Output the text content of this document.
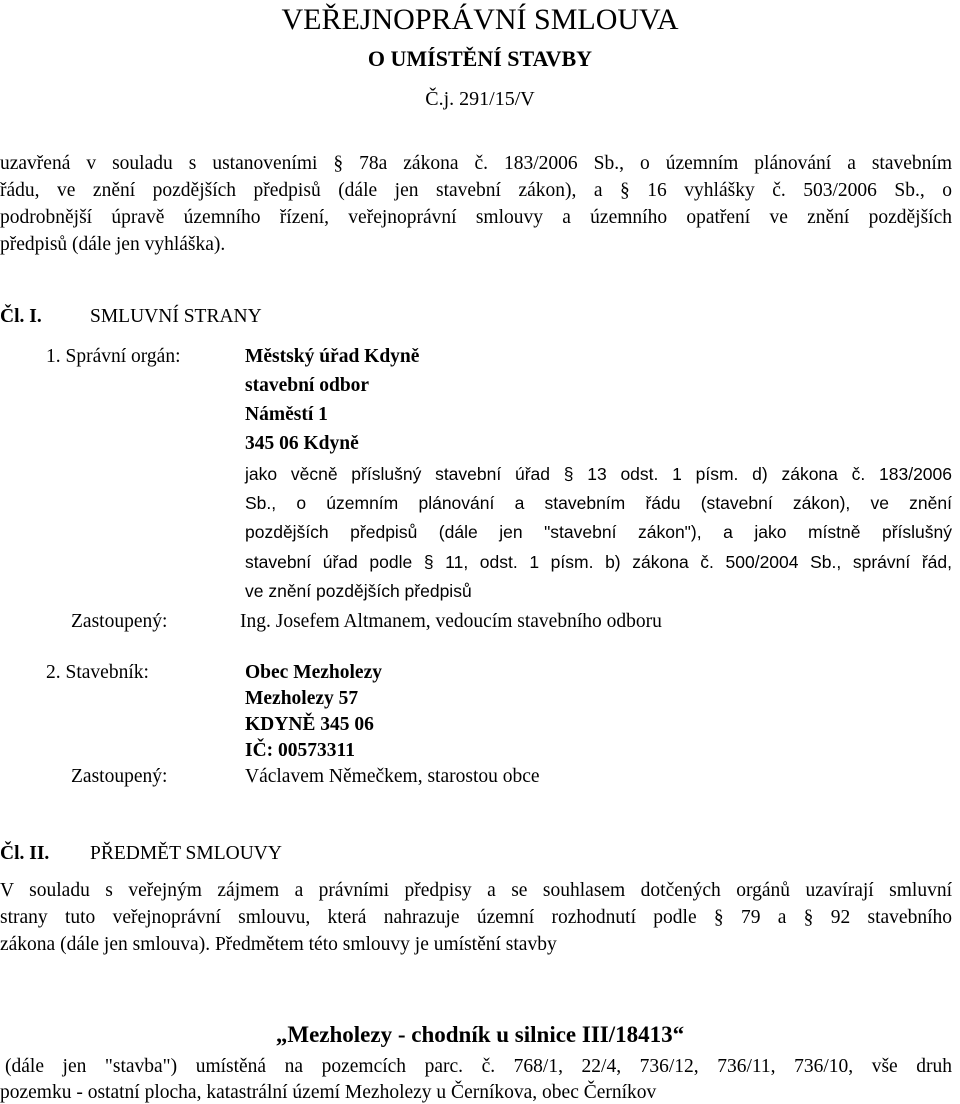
VEŘEJNOPRÁVNÍ SMLOUVA
O UMÍSTĚNÍ STAVBY
Č.j. 291/15/V
uzavřená v souladu s ustanoveními § 78a zákona č. 183/2006 Sb., o územním plánování a stavebním
řádu, ve znění pozdějších předpisů (dále jen stavební zákon), a § 16 vyhlášky č. 503/2006 Sb., o
podrobnější úpravě územního řízení, veřejnoprávní smlouvy a územního opatření ve znění pozdějších
předpisů (dále jen vyhláška).
Čl. I. SMLUVNÍ STRANY
1. Správní orgán:	Městský úřad Kdyně
stavební odbor
Náměstí 1
345 06 Kdyně
jako věcně příslušný stavební úřad § 13 odst. 1 písm. d) zákona č. 183/2006
Sb., o územním plánování a stavebním řádu (stavební zákon), ve znění
pozdějších předpisů (dále jen "stavební zákon"), a jako místně příslušný
stavební úřad podle § 11, odst. 1 písm. b) zákona č. 500/2004 Sb., správní řád,
ve znění pozdějších předpisů
Zastoupený:	Ing. Josefem Altmanem, vedoucím stavebního odboru
2. Stavebník:	Obec Mezholezy
Mezholezy 57
KDYNĚ 345 06
IČ: 00573311
Zastoupený:	Václavem Němečkem, starostou obce
Čl. II. PŘEDMĚT SMLOUVY
V souladu s veřejným zájmem a právními předpisy a se souhlasem dotčených orgánů uzavírají smluvní
strany tuto veřejnoprávní smlouvu, která nahrazuje územní rozhodnutí podle § 79 a § 92 stavebního
zákona (dále jen smlouva). Předmětem této smlouvy je umístění stavby
„Mezholezy - chodník u silnice III/18413“
(dále jen "stavba") umístěná na pozemcích parc. č. 768/1, 22/4, 736/12, 736/11, 736/10, vše druh
pozemku - ostatní plocha, katastrální území Mezholezy u Černíkova, obec Černíkov
